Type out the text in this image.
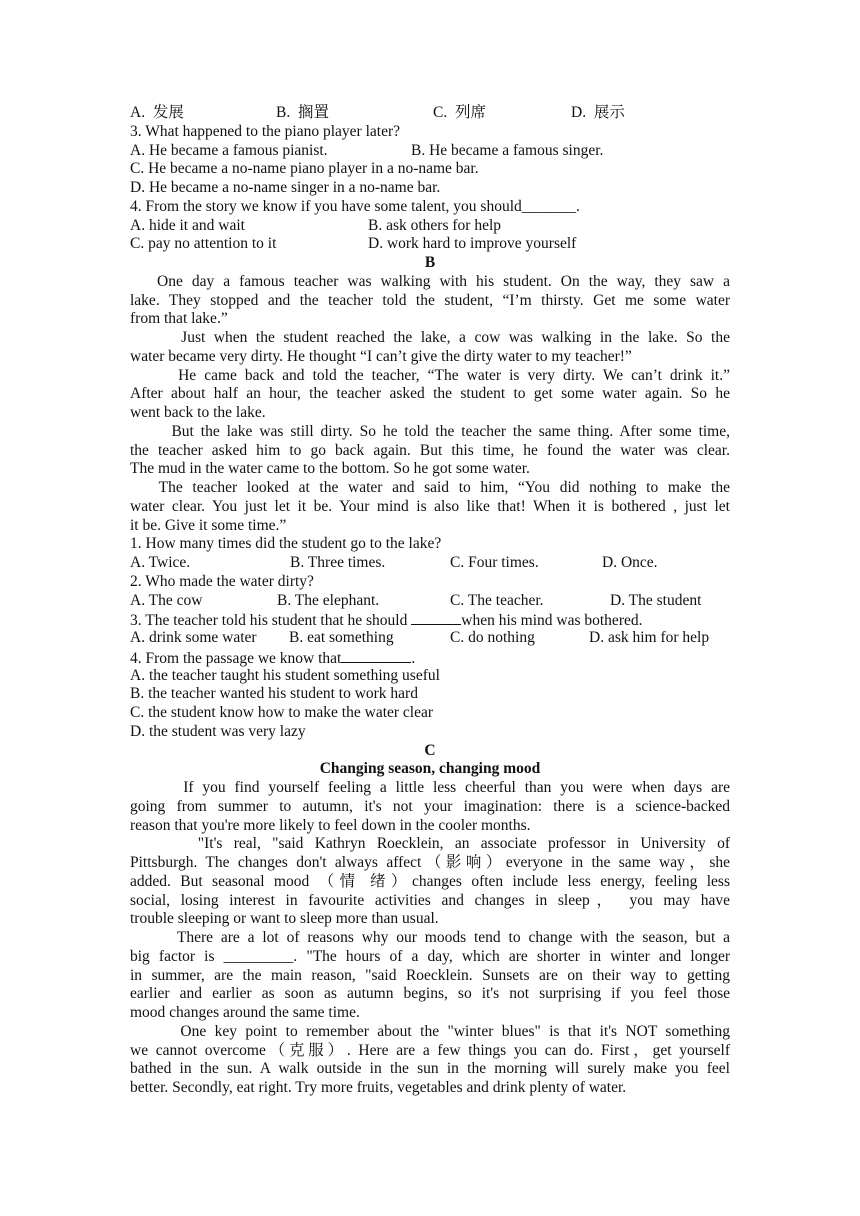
A.  发展	B.  搁置	C.  列席	D.  展示
3. What happened to the piano player later?
A. He became a famous pianist.	B. He became a famous singer.
C. He became a no-name piano player in a no-name bar.
D. He became a no-name singer in a no-name bar.
4. From the story we know if you have some talent, you should_______.
A. hide it and wait	B. ask others for help
C. pay no attention to it	D. work hard to improve yourself
B
One day a famous teacher was walking with his student. On the way, they saw a
lake. They stopped and the teacher told the student, “I’m thirsty. Get me some water
from that lake.”
Just when the student reached the lake, a cow was walking in the lake. So the
water became very dirty. He thought “I can’t give the dirty water to my teacher!”
He came back and told the teacher, “The water is very dirty. We can’t drink it.”
After about half an hour, the teacher asked the student to get some water again. So he
went back to the lake.
But the lake was still dirty. So he told the teacher the same thing. After some time,
the teacher asked him to go back again. But this time, he found the water was clear.
The mud in the water came to the bottom. So he got some water.
The teacher looked at the water and said to him, “You did nothing to make the
water clear. You just let it be. Your mind is also like that! When it is bothered , just let
it be. Give it some time.”
1. How many times did the student go to the lake?
A. Twice.	B. Three times.	C. Four times.	D. Once.
2. Who made the water dirty?
A. The cow	B. The elephant.	C. The teacher.	D. The student
3. The teacher told his student that he should	when his mind was bothered.
A. drink some water	B. eat something	C. do nothing	D. ask him for help
4. From the passage we know that	.
A. the teacher taught his student something useful
B. the teacher wanted his student to work hard
C. the student know how to make the water clear
D. the student was very lazy
C
Changing season, changing mood
If you find yourself feeling a little less cheerful than you were when days are
going from summer to autumn, it's not your imagination: there is a science-backed
reason that you're more likely to feel down in the cooler months.
"It's real, "said Kathryn Roecklein, an associate professor in University of
Pittsburgh. The changes don't always affect（影响）everyone in the same way，she
added. But seasonal mood （情 绪）changes often include less energy, feeling less
social, losing interest in favourite activities and changes in sleep， you may have
trouble sleeping or want to sleep more than usual.
There are a lot of reasons why our moods tend to change with the season, but a
big factor is _________. "The hours of a day, which are shorter in winter and longer
in summer, are the main reason, "said Roecklein. Sunsets are on their way to getting
earlier and earlier as soon as autumn begins, so it's not surprising if you feel those
mood changes around the same time.
One key point to remember about the "winter blues" is that it's NOT something
we cannot overcome（克服）. Here are a few things you can do. First，get yourself
bathed in the sun. A walk outside in the sun in the morning will surely make you feel
better. Secondly, eat right. Try more fruits, vegetables and drink plenty of water.
